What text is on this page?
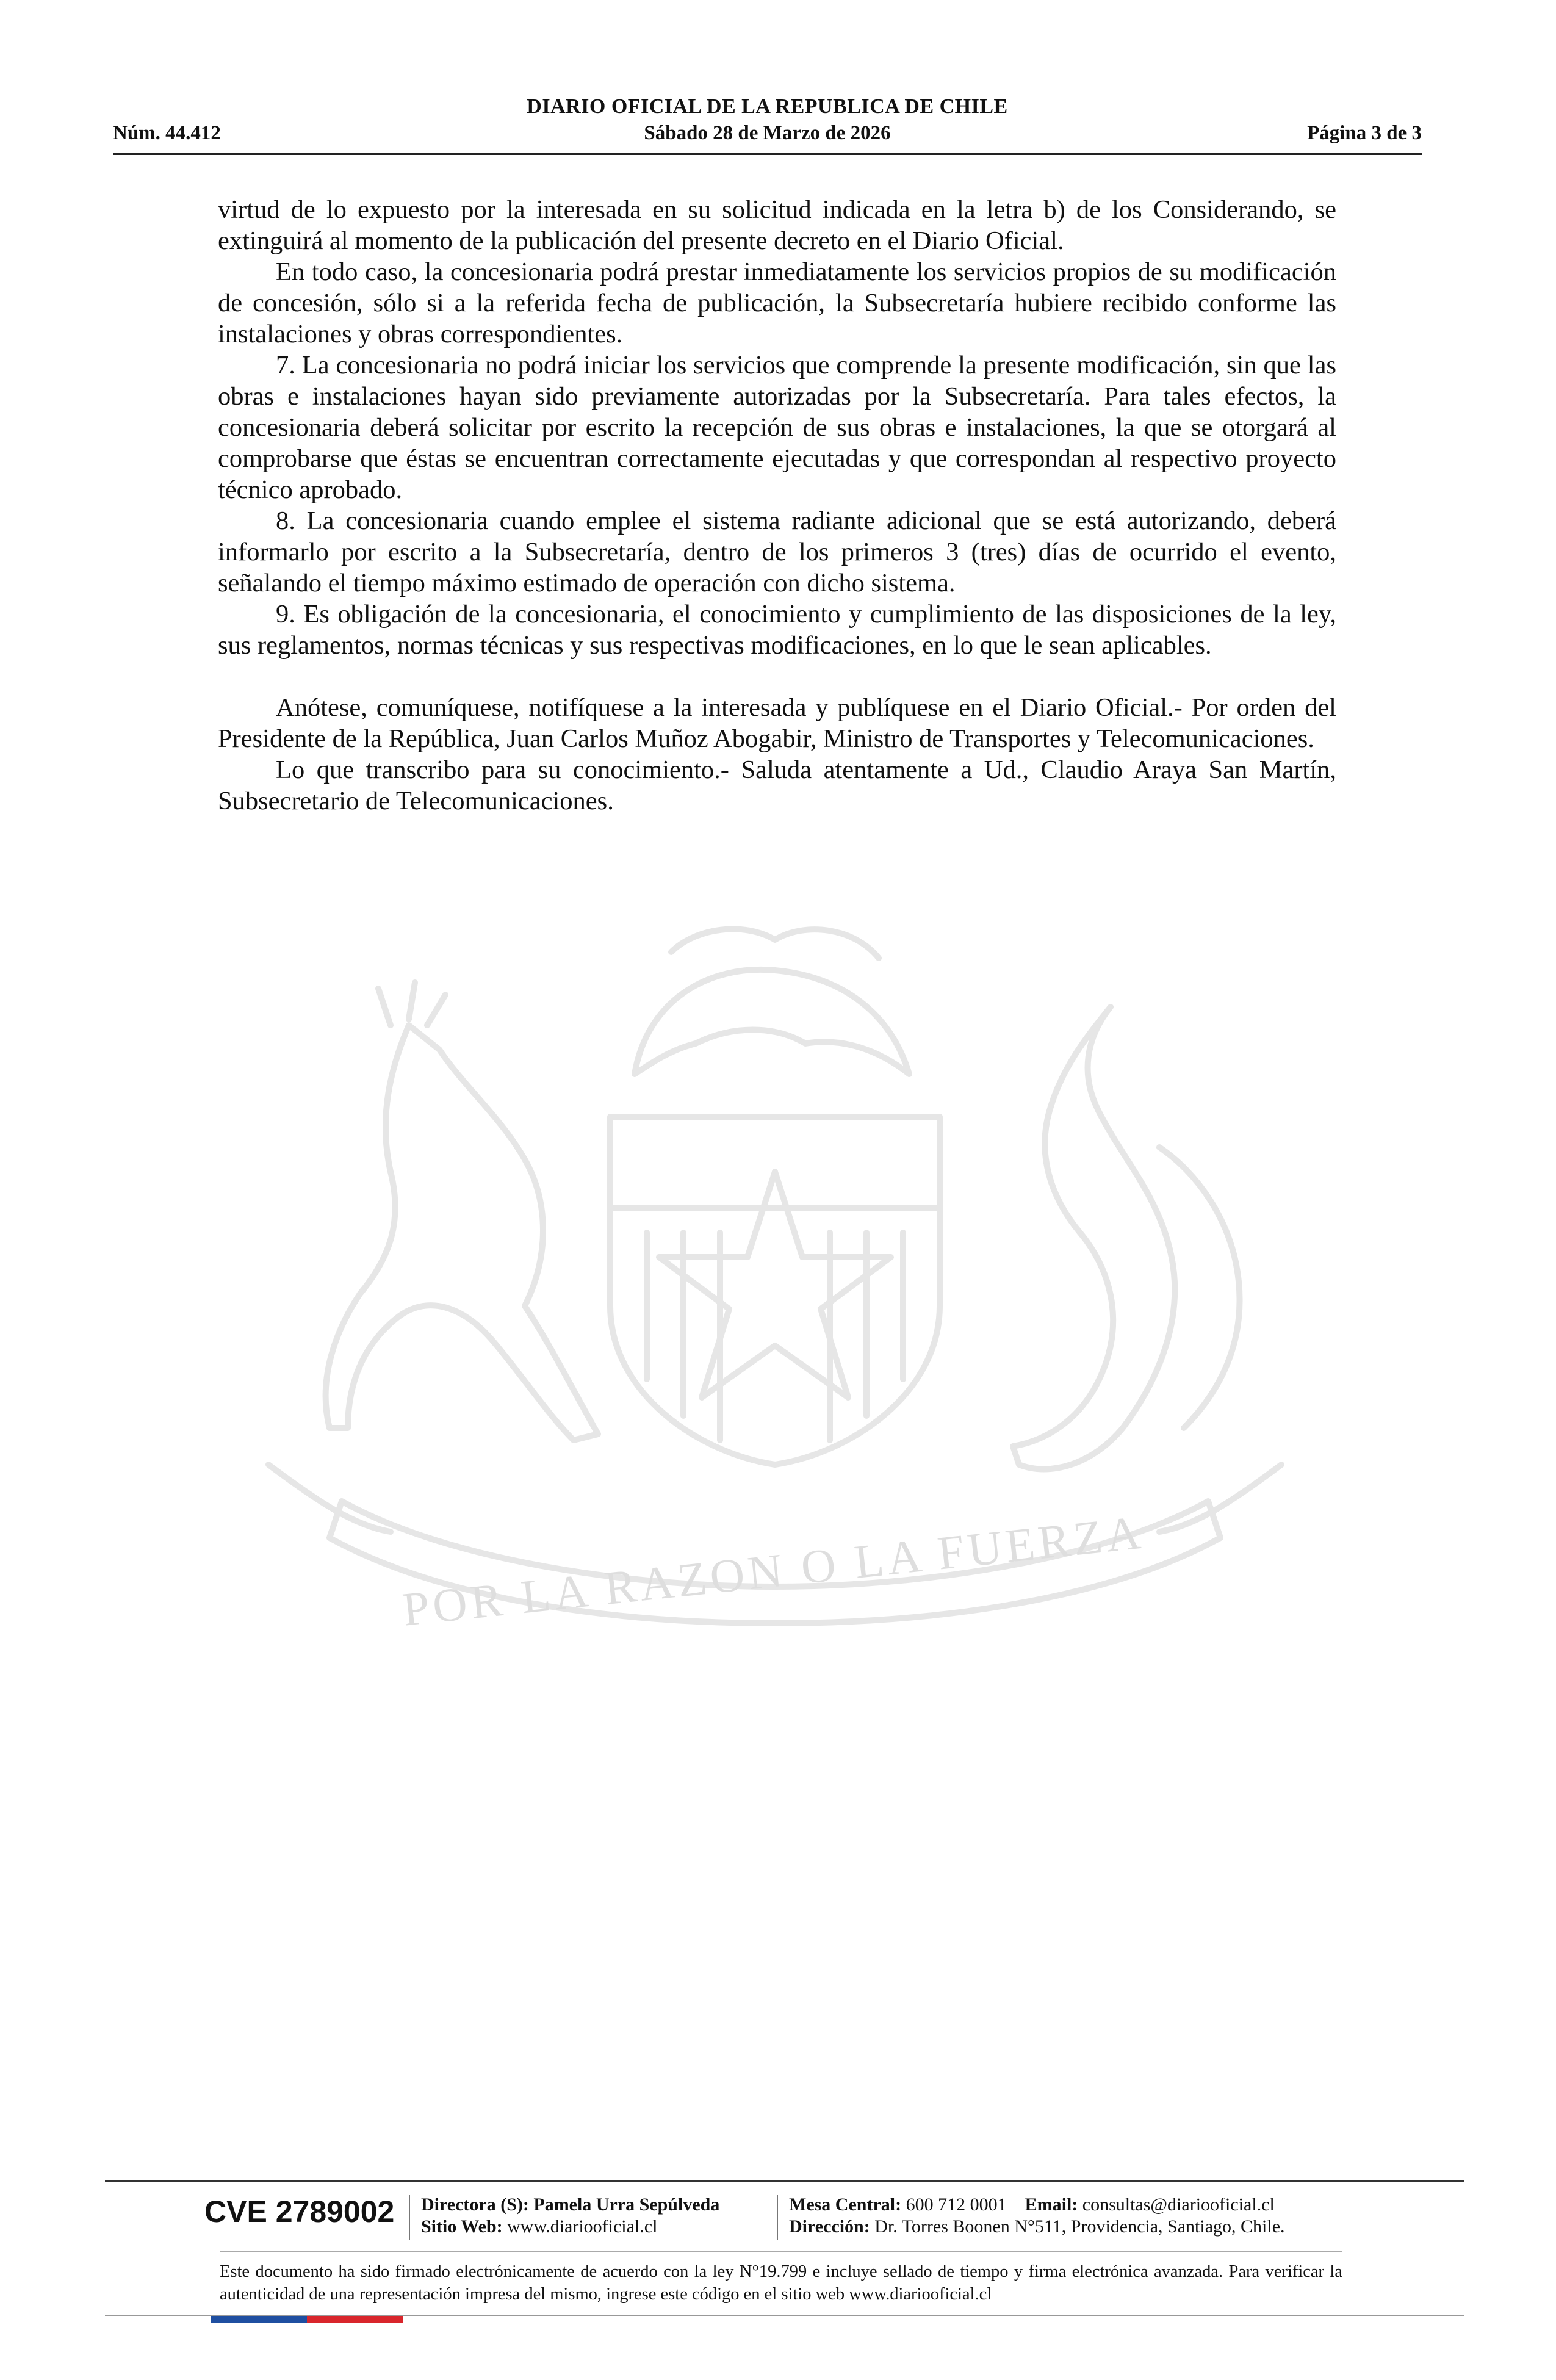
DIARIO OFICIAL DE LA REPUBLICA DE CHILE
Núm. 44.412	Sábado 28 de Marzo de 2026	Página 3 de 3
POR LA RAZON O LA FUERZA

virtud de lo expuesto por la interesada en su solicitud indicada en la letra b) de los Considerando, se extinguirá al momento de la publicación del presente decreto en el Diario Oficial.

En todo caso, la concesionaria podrá prestar inmediatamente los servicios propios de su modificación de concesión, sólo si a la referida fecha de publicación, la Subsecretaría hubiere recibido conforme las instalaciones y obras correspondientes.

7. La concesionaria no podrá iniciar los servicios que comprende la presente modificación, sin que las obras e instalaciones hayan sido previamente autorizadas por la Subsecretaría. Para tales efectos, la concesionaria deberá solicitar por escrito la recepción de sus obras e instalaciones, la que se otorgará al comprobarse que éstas se encuentran correctamente ejecutadas y que correspondan al respectivo proyecto técnico aprobado.

8. La concesionaria cuando emplee el sistema radiante adicional que se está autorizando, deberá informarlo por escrito a la Subsecretaría, dentro de los primeros 3 (tres) días de ocurrido el evento, señalando el tiempo máximo estimado de operación con dicho sistema.

9. Es obligación de la concesionaria, el conocimiento y cumplimiento de las disposiciones de la ley, sus reglamentos, normas técnicas y sus respectivas modificaciones, en lo que le sean aplicables.

Anótese, comuníquese, notifíquese a la interesada y publíquese en el Diario Oficial.- Por orden del Presidente de la República, Juan Carlos Muñoz Abogabir, Ministro de Transportes y Telecomunicaciones.

Lo que transcribo para su conocimiento.- Saluda atentamente a Ud., Claudio Araya San Martín, Subsecretario de Telecomunicaciones.

CVE 2789002 Directora (S): Pamela Urra Sepúlveda
Sitio Web: www.diariooficial.cl
Mesa Central: 600 712 0001 Email: consultas@diariooficial.cl
Dirección: Dr. Torres Boonen N°511, Providencia, Santiago, Chile.
Este documento ha sido firmado electrónicamente de acuerdo con la ley N°19.799 e incluye sellado de tiempo y firma electrónica avanzada. Para verificar la autenticidad de una representación impresa del mismo, ingrese este código en el sitio web www.diariooficial.cl
